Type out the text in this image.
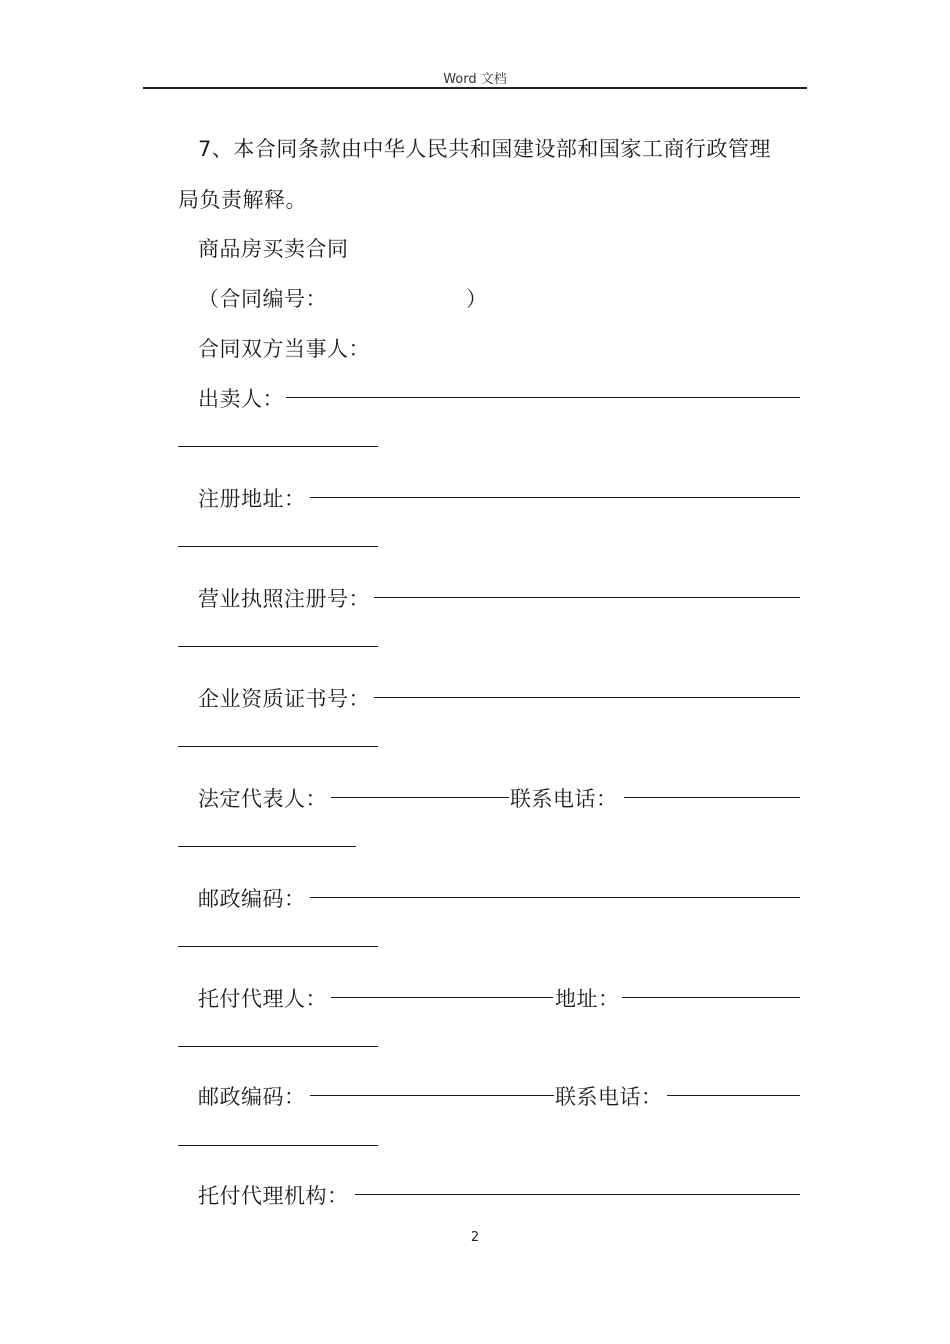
Word 文档
7、本合同条款由中华人民共和国建设部和国家工商行政管理
局负责解释。
商品房买卖合同
（合同编号：	）
合同双方当事人：
出卖人：
注册地址：
营业执照注册号：
企业资质证书号：
法定代表人：	联系电话：
邮政编码：
托付代理人：	地址：
邮政编码：	联系电话：
托付代理机构：
2
